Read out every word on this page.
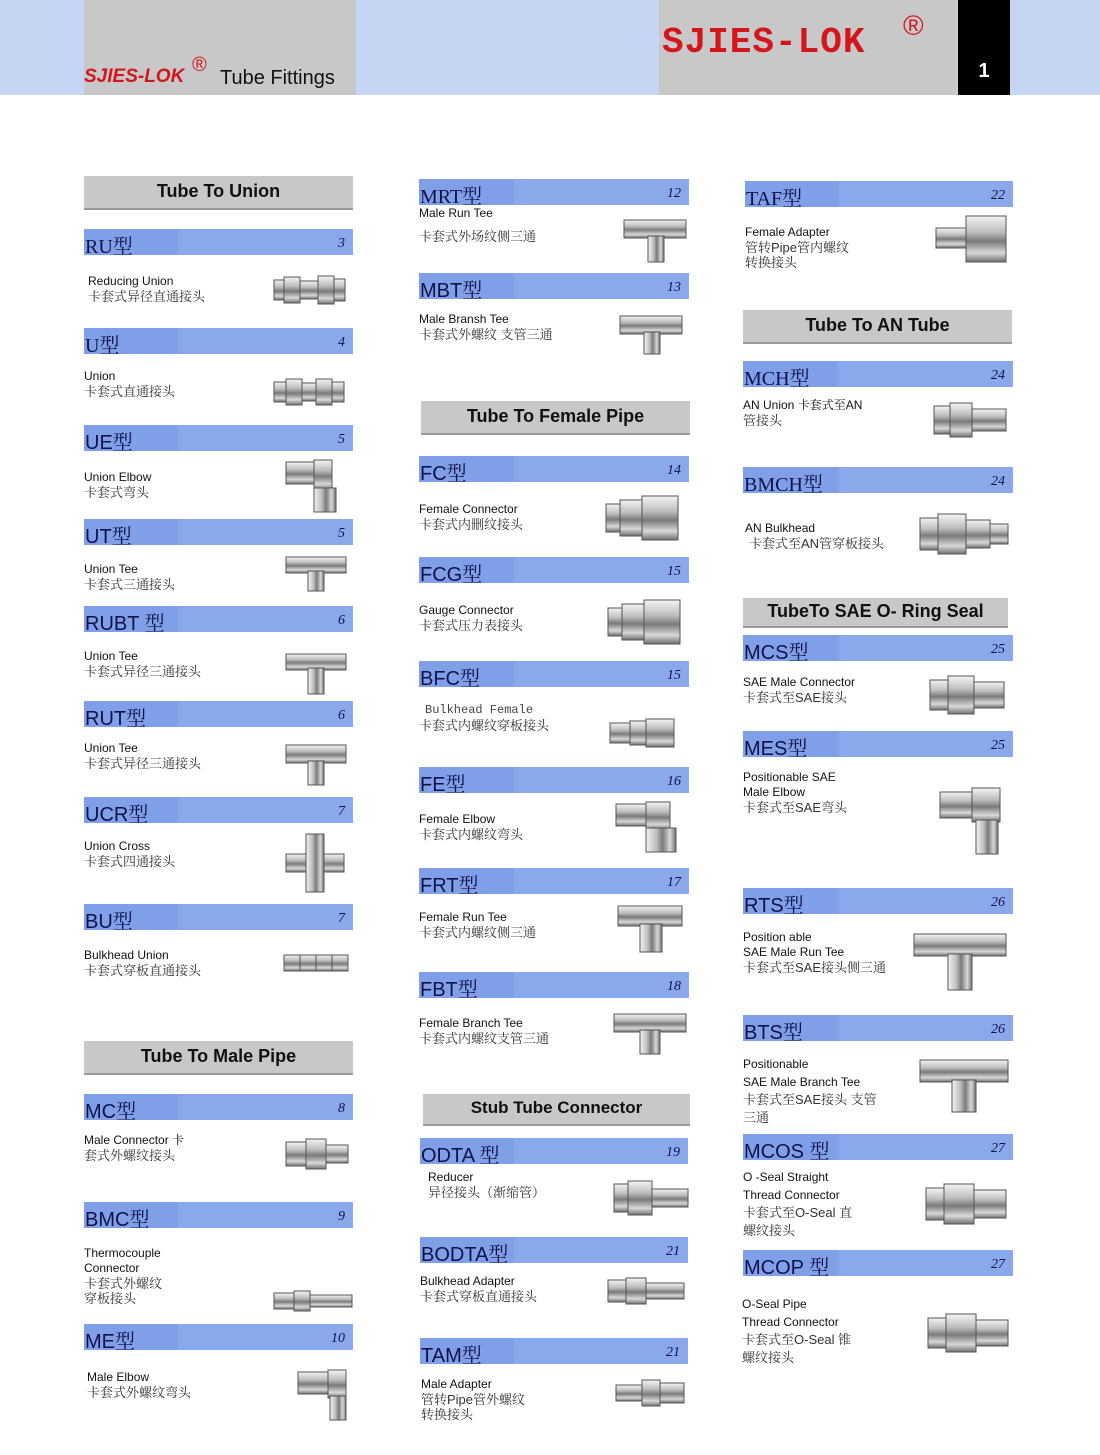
SJIES-LOK
®
Tube Fittings
SJIES-LOK ®
1
Tube To Union
RU型	3
Reducing Union
卡套式异径直通接头
U型	4
Union
卡套式直通接头
UE型	5
Union Elbow
卡套式弯头
UT型	5
Union Tee
卡套式三通接头
RUBT 型	6
Union Tee
卡套式异径三通接头
RUT型	6
Union Tee
卡套式异径三通接头
UCR型	7
Union Cross
卡套式四通接头
BU型	7
Bulkhead Union
卡套式穿板直通接头
Tube To Male Pipe
MC型	8
Male Connector 卡
套式外螺纹接头
BMC型	9
Thermocouple
Connector
卡套式外螺纹
穿板接头
ME型	10
Male Elbow
卡套式外螺纹弯头
MRT型	12
Male Run Tee
卡套式外场纹侧三通
MBT型	13
Male Bransh Tee
卡套式外螺纹 支管三通
Tube To Female Pipe
FC型	14
Female Connector
卡套式内刪纹接头
FCG型	15
Gauge Connector
卡套式压力表接头
BFC型	15
Bulkhead Female
卡套式内螺纹穿板接头
FE型	16
Female Elbow
卡套式内螺纹弯头
FRT型	17
Female Run Tee
卡套式内螺纹侧三通
FBT型	18
Female Branch Tee
卡套式内螺纹支管三通
Stub Tube Connector
ODTA 型	19
Reducer
异径接头（渐缩管）
BODTA型	21
Bulkhead Adapter
卡套式穿板直通接头
TAM型	21
Male Adapter
管转Pipe管外螺纹
转换接头
TAF型	22
Female Adapter
管转Pipe管内螺纹
转换接头
Tube To AN Tube
MCH型	24
AN Union 卡套式至AN
管接头
BMCH型	24
AN Bulkhead
卡套式至AN管穿板接头
TubeTo SAE O- Ring Seal
MCS型	25
SAE Male Connector
卡套式至SAE接头
MES型	25
Positionable SAE
Male Elbow
卡套式至SAE弯头
RTS型	26
Position able
SAE Male Run Tee
卡套式至SAE接头侧三通
BTS型	26
Positionable
SAE Male Branch Tee
卡套式至SAE接头 支管
三通
MCOS 型	27
O -Seal Straight
Thread Connector
卡套式至O-Seal 直
螺纹接头
MCOP 型	27
O-Seal Pipe
Thread Connector
卡套式至O-Seal 锥
螺纹接头
